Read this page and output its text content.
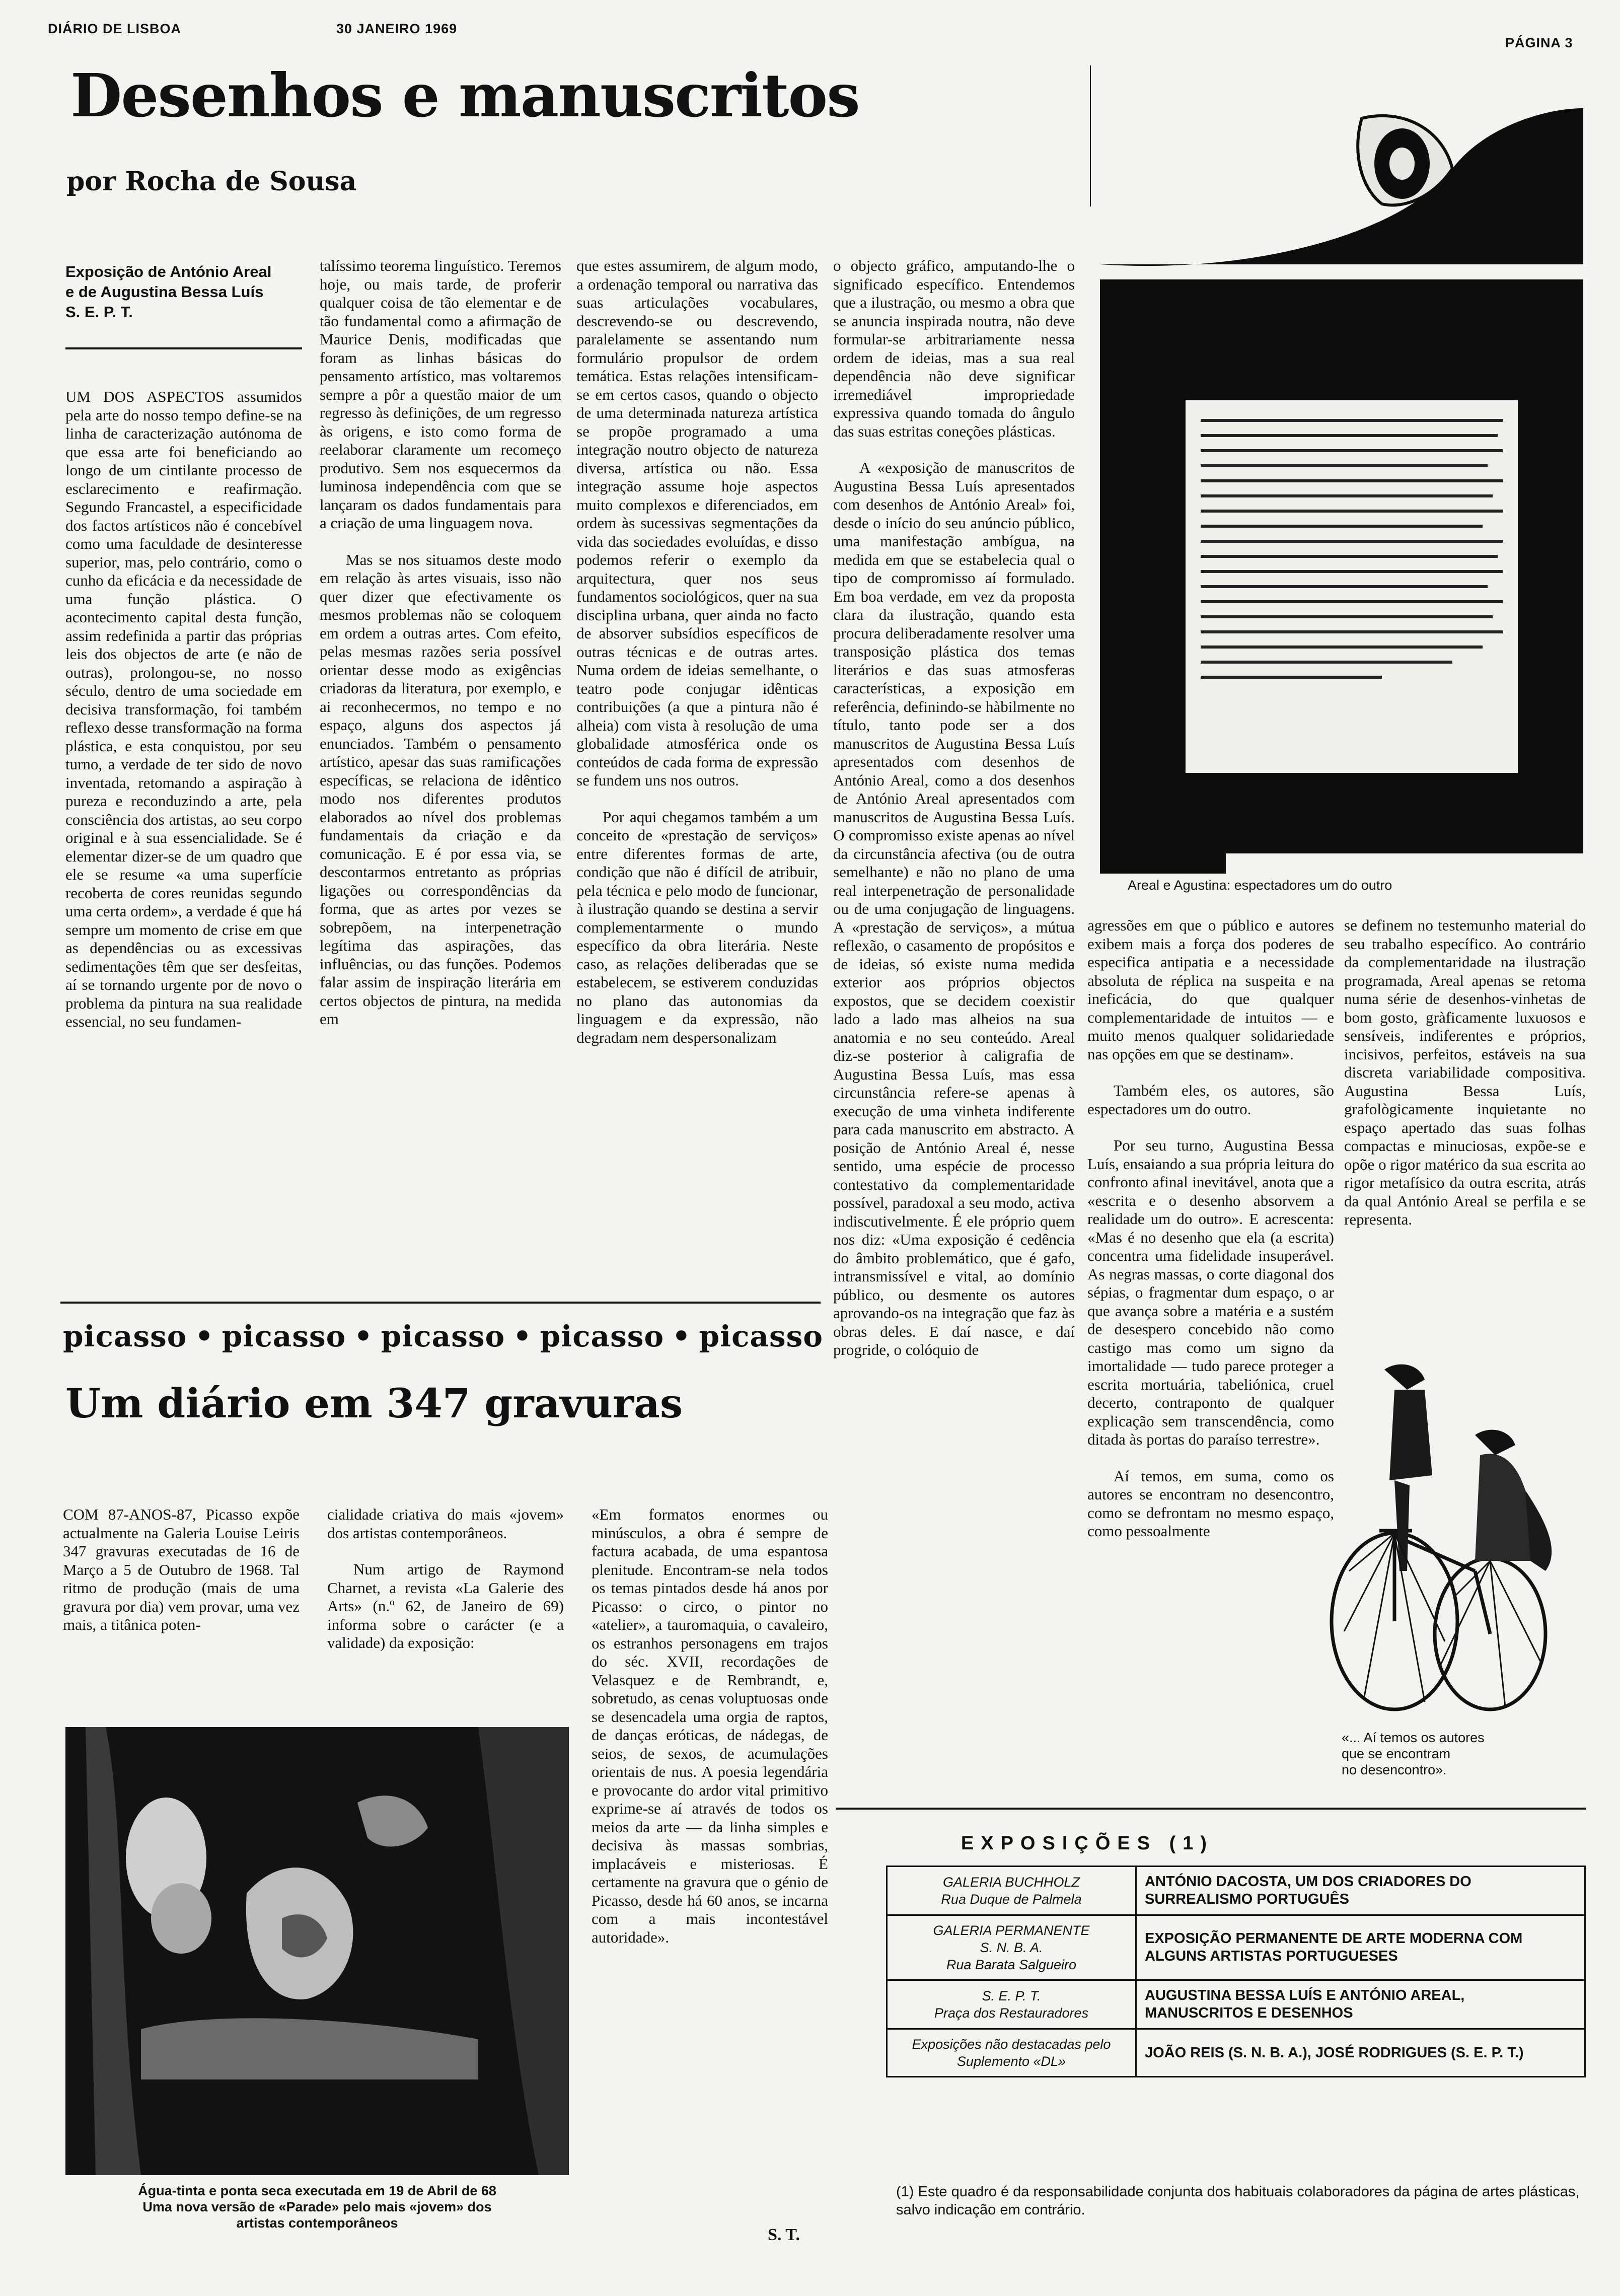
DIÁRIO DE LISBOA	30 JANEIRO 1969
PÁGINA 3
Desenhos e manuscritos
por Rocha de Sousa
Exposição de António Areal
e de Augustina Bessa Luís
S. E. P. T.

UM DOS ASPECTOS assumidos pela arte do nosso tempo define-se na linha de caracterização autónoma de que essa arte foi beneficiando ao longo de um cintilante processo de esclarecimento e reafirmação. Segundo Francastel, a especificidade dos factos artísticos não é concebível como uma faculdade de desinteresse superior, mas, pelo contrário, como o cunho da eficácia e da necessidade de uma função plástica. O acontecimento capital desta função, assim redefinida a partir das próprias leis dos objectos de arte (e não de outras), prolongou-se, no nosso século, dentro de uma sociedade em decisiva transformação, foi também reflexo desse transformação na forma plástica, e esta conquistou, por seu turno, a verdade de ter sido de novo inventada, retomando a aspiração à pureza e reconduzindo a arte, pela consciência dos artistas, ao seu corpo original e à sua essencialidade. Se é elementar dizer-se de um quadro que ele se resume «a uma superfície recoberta de cores reunidas segundo uma certa ordem», a verdade é que há sempre um momento de crise em que as dependências ou as excessivas sedimentações têm que ser desfeitas, aí se tornando urgente por de novo o problema da pintura na sua realidade essencial, no seu fundamen-

talíssimo teorema linguístico. Teremos hoje, ou mais tarde, de proferir qualquer coisa de tão elementar e de tão fundamental como a afirmação de Maurice Denis, modificadas que foram as linhas básicas do pensamento artístico, mas voltaremos sempre a pôr a questão maior de um regresso às definições, de um regresso às origens, e isto como forma de reelaborar claramente um recomeço produtivo. Sem nos esquecermos da luminosa independência com que se lançaram os dados fundamentais para a criação de uma linguagem nova.

Mas se nos situamos deste modo em relação às artes visuais, isso não quer dizer que efectivamente os mesmos problemas não se coloquem em ordem a outras artes. Com efeito, pelas mesmas razões seria possível orientar desse modo as exigências criadoras da literatura, por exemplo, e ai reconhecermos, no tempo e no espaço, alguns dos aspectos já enunciados. Também o pensamento artístico, apesar das suas ramificações específicas, se relaciona de idêntico modo nos diferentes produtos elaborados ao nível dos problemas fundamentais da criação e da comunicação. E é por essa via, se descontarmos entretanto as próprias ligações ou correspondências da forma, que as artes por vezes se sobrepõem, na interpenetração legítima das aspirações, das influências, ou das funções. Podemos falar assim de inspiração literária em certos objectos de pintura, na medida em

que estes assumirem, de algum modo, a ordenação temporal ou narrativa das suas articulações vocabulares, descrevendo-se ou descrevendo, paralelamente se assentando num formulário propulsor de ordem temática. Estas relações intensificam-se em certos casos, quando o objecto de uma determinada natureza artística se propõe programado a uma integração noutro objecto de natureza diversa, artística ou não. Essa integração assume hoje aspectos muito complexos e diferenciados, em ordem às sucessivas segmentações da vida das sociedades evoluídas, e disso podemos referir o exemplo da arquitectura, quer nos seus fundamentos sociológicos, quer na sua disciplina urbana, quer ainda no facto de absorver subsídios específicos de outras técnicas e de outras artes. Numa ordem de ideias semelhante, o teatro pode conjugar idênticas contribuições (a que a pintura não é alheia) com vista à resolução de uma globalidade atmosférica onde os conteúdos de cada forma de expressão se fundem uns nos outros.

Por aqui chegamos também a um conceito de «prestação de serviços» entre diferentes formas de arte, condição que não é difícil de atribuir, pela técnica e pelo modo de funcionar, à ilustração quando se destina a servir complementarmente o mundo específico da obra literária. Neste caso, as relações deliberadas que se estabelecem, se estiverem conduzidas no plano das autonomias da linguagem e da expressão, não degradam nem despersonalizam

o objecto gráfico, amputando-lhe o significado específico. Entendemos que a ilustração, ou mesmo a obra que se anuncia inspirada noutra, não deve formular-se arbitrariamente nessa ordem de ideias, mas a sua real dependência não deve significar irremediável impropriedade expressiva quando tomada do ângulo das suas estritas coneções plásticas.

A «exposição de manuscritos de Augustina Bessa Luís apresentados com desenhos de António Areal» foi, desde o início do seu anúncio público, uma manifestação ambígua, na medida em que se estabelecia qual o tipo de compromisso aí formulado. Em boa verdade, em vez da proposta clara da ilustração, quando esta procura deliberadamente resolver uma transposição plástica dos temas literários e das suas atmosferas características, a exposição em referência, definindo-se hàbilmente no título, tanto pode ser a dos manuscritos de Augustina Bessa Luís apresentados com desenhos de António Areal, como a dos desenhos de António Areal apresentados com manuscritos de Augustina Bessa Luís. O compromisso existe apenas ao nível da circunstância afectiva (ou de outra semelhante) e não no plano de uma real interpenetração de personalidade ou de uma conjugação de linguagens. A «prestação de serviços», a mútua reflexão, o casamento de propósitos e de ideias, só existe numa medida exterior aos próprios objectos expostos, que se decidem coexistir lado a lado mas alheios na sua anatomia e no seu conteúdo. Areal diz-se posterior à caligrafia de Augustina Bessa Luís, mas essa circunstância refere-se apenas à execução de uma vinheta indiferente para cada manuscrito em abstracto. A posição de António Areal é, nesse sentido, uma espécie de processo contestativo da complementaridade possível, paradoxal a seu modo, activa indiscutivelmente. É ele próprio quem nos diz: «Uma exposição é cedência do âmbito problemático, que é gafo, intransmissível e vital, ao domínio público, ou desmente os autores aprovando-os na integração que faz às obras deles. E daí nasce, e daí progride, o colóquio de

Areal e Agustina: espectadores um do outro

agressões em que o público e autores exibem mais a força dos poderes de especifica antipatia e a necessidade absoluta de réplica na suspeita e na ineficácia, do que qualquer complementaridade de intuitos — e muito menos qualquer solidariedade nas opções em que se destinam».

Também eles, os autores, são espectadores um do outro.

Por seu turno, Augustina Bessa Luís, ensaiando a sua própria leitura do confronto afinal inevitável, anota que a «escrita e o desenho absorvem a realidade um do outro». E acrescenta: «Mas é no desenho que ela (a escrita) concentra uma fidelidade insuperável. As negras massas, o corte diagonal dos sépias, o fragmentar dum espaço, o ar que avança sobre a matéria e a sustém de desespero concebido não como castigo mas como um signo da imortalidade — tudo parece proteger a escrita mortuária, tabeliónica, cruel decerto, contraponto de qualquer explicação sem transcendência, como ditada às portas do paraíso terrestre».

Aí temos, em suma, como os autores se encontram no desencontro, como se defrontam no mesmo espaço, como pessoalmente

se definem no testemunho material do seu trabalho específico. Ao contrário da complementaridade na ilustração programada, Areal apenas se retoma numa série de desenhos-vinhetas de bom gosto, gràficamente luxuosos e sensíveis, indiferentes e próprios, incisivos, perfeitos, estáveis na sua discreta variabilidade compositiva. Augustina Bessa Luís, grafològicamente inquietante no espaço apertado das suas folhas compactas e minuciosas, expõe-se e opõe o rigor matérico da sua escrita ao rigor metafísico da outra escrita, atrás da qual António Areal se perfila e se representa.

«... Aí temos os autores
que se encontram
no desencontro».
picasso • picasso • picasso • picasso • picasso
Um diário em 347 gravuras

COM 87-ANOS-87, Picasso expõe actualmente na Galeria Louise Leiris 347 gravuras executadas de 16 de Março a 5 de Outubro de 1968. Tal ritmo de produção (mais de uma gravura por dia) vem provar, uma vez mais, a titânica poten-

cialidade criativa do mais «jovem» dos artistas contemporâneos.

Num artigo de Raymond Charnet, a revista «La Galerie des Arts» (n.º 62, de Janeiro de 69) informa sobre o carácter (e a validade) da exposição:

Água-tinta e ponta seca executada em 19 de Abril de 68
Uma nova versão de «Parade» pelo mais «jovem» dos
artistas contemporâneos

«Em formatos enormes ou minúsculos, a obra é sempre de factura acabada, de uma espantosa plenitude. Encontram-se nela todos os temas pintados desde há anos por Picasso: o circo, o pintor no «atelier», a tauromaquia, o cavaleiro, os estranhos personagens em trajos do séc. XVII, recordações de Velasquez e de Rembrandt, e, sobretudo, as cenas voluptuosas onde se desencadela uma orgia de raptos, de danças eróticas, de nádegas, de seios, de sexos, de acumulações orientais de nus. A poesia legendária e provocante do ardor vital primitivo exprime-se aí através de todos os meios da arte — da linha simples e decisiva às massas sombrias, implacáveis e misteriosas. É certamente na gravura que o génio de Picasso, desde há 60 anos, se incarna com a mais incontestável autoridade».

S. T.
EXPOSIÇÕES (1)
GALERIA BUCHHOLZ
Rua Duque de Palmela	ANTÓNIO DACOSTA, UM DOS CRIADORES DO SURREALISMO PORTUGUÊS

GALERIA PERMANENTE
S. N. B. A.
Rua Barata Salgueiro	EXPOSIÇÃO PERMANENTE DE ARTE MODERNA COM ALGUNS ARTISTAS PORTUGUESES

S. E. P. T.
Praça dos Restauradores	AUGUSTINA BESSA LUÍS E ANTÓNIO AREAL, MANUSCRITOS E DESENHOS

Exposições não destacadas pelo Suplemento «DL»	JOÃO REIS (S. N. B. A.), JOSÉ RODRIGUES (S. E. P. T.)
(1) Este quadro é da responsabilidade conjunta dos habituais colaboradores da página de artes plásticas, salvo indicação em contrário.
